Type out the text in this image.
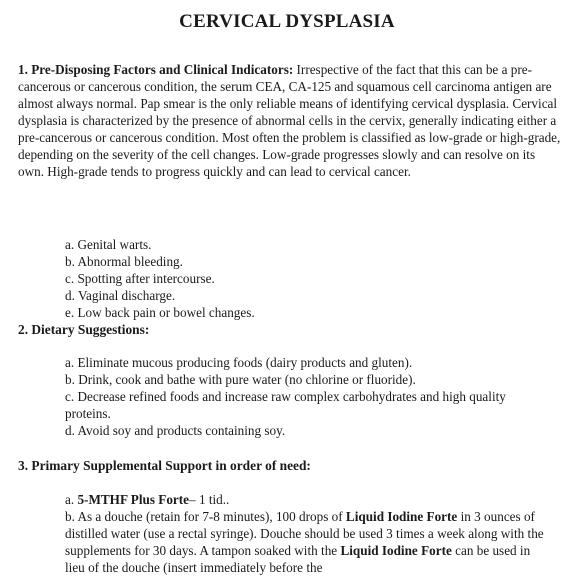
CERVICAL DYSPLASIA

1. Pre-Disposing Factors and Clinical Indicators: Irrespective of the fact that this can be a pre-cancerous or cancerous condition, the serum CEA, CA-125 and squamous cell carcinoma antigen are almost always normal. Pap smear is the only reliable means of identifying cervical dysplasia. Cervical dysplasia is characterized by the presence of abnormal cells in the cervix, generally indicating either a pre-cancerous or cancerous condition. Most often the problem is classified as low-grade or high-grade, depending on the severity of the cell changes. Low-grade progresses slowly and can resolve on its own. High-grade tends to progress quickly and can lead to cervical cancer.

a. Genital warts.
b. Abnormal bleeding.
c. Spotting after intercourse.
d. Vaginal discharge.
e. Low back pain or bowel changes.
2. Dietary Suggestions:
a. Eliminate mucous producing foods (dairy products and gluten).
b. Drink, cook and bathe with pure water (no chlorine or fluoride).
c. Decrease refined foods and increase raw complex carbohydrates and high quality proteins.
d. Avoid soy and products containing soy.
3. Primary Supplemental Support in order of need:
a. 5-MTHF Plus Forte– 1 tid..
b. As a douche (retain for 7-8 minutes), 100 drops of Liquid Iodine Forte in 3 ounces of distilled water (use a rectal syringe). Douche should be used 3 times a week along with the supplements for 30 days. A tampon soaked with the Liquid Iodine Forte can be used in lieu of the douche (insert immediately before the
